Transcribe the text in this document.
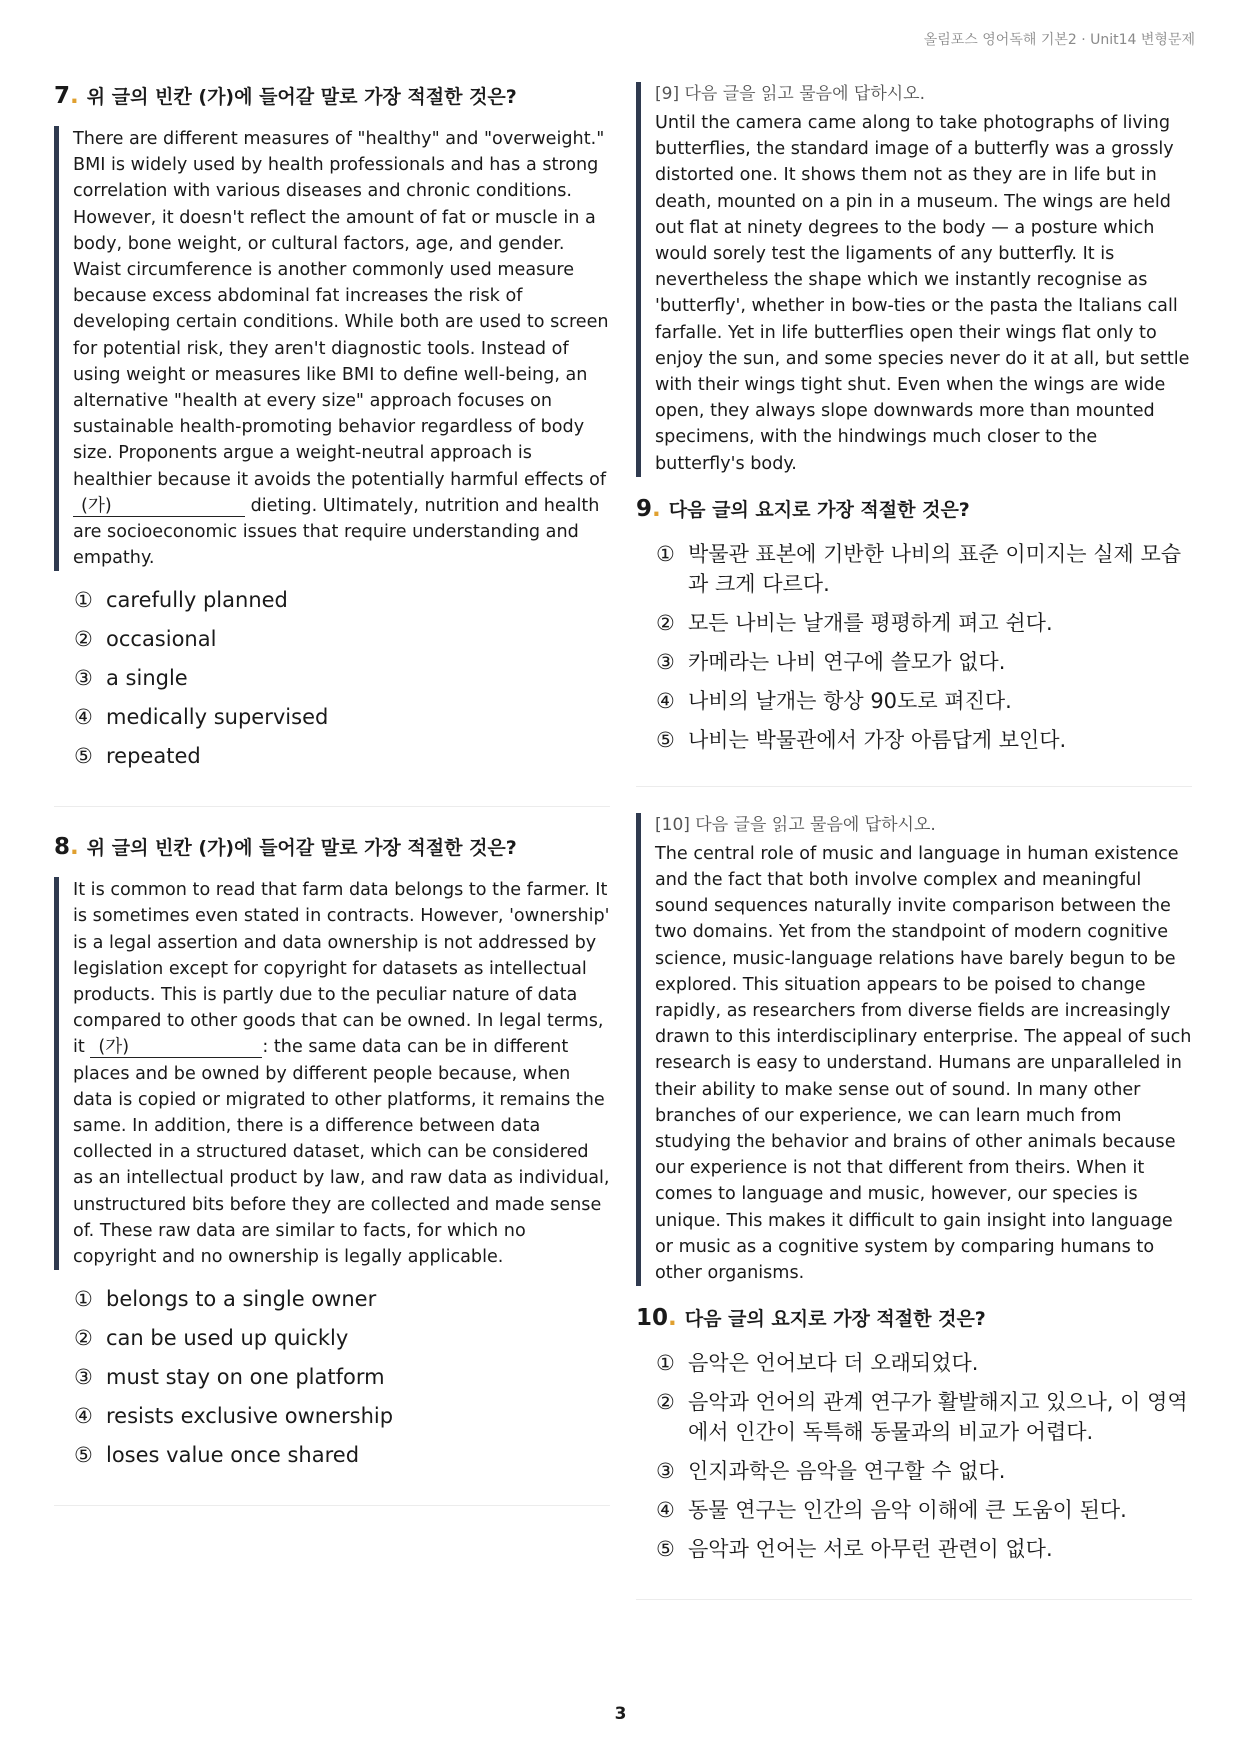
올림포스 영어독해 기본2 · Unit14 변형문제
7. 위 글의 빈칸 (가)에 들어갈 말로 가장 적절한 것은?
There are different measures of "healthy" and "overweight." BMI is widely used by health professionals and has a strong correlation with various diseases and chronic conditions. However, it doesn't reflect the amount of fat or muscle in a body, bone weight, or cultural factors, age, and gender. Waist circumference is another commonly used measure because excess abdominal fat increases the risk of developing certain conditions. While both are used to screen for potential risk, they aren't diagnostic tools. Instead of using weight or measures like BMI to define well-being, an alternative "health at every size" approach focuses on sustainable health-promoting behavior regardless of body size. Proponents argue a weight-neutral approach is healthier because it avoids the potentially harmful effects of (가)	dieting. Ultimately, nutrition and health are socioeconomic issues that require understanding and empathy.
① carefully planned
② occasional
③ a single
④ medically supervised
⑤ repeated
8. 위 글의 빈칸 (가)에 들어갈 말로 가장 적절한 것은?
It is common to read that farm data belongs to the farmer. It is sometimes even stated in contracts. However, 'ownership' is a legal assertion and data ownership is not addressed by legislation except for copyright for datasets as intellectual products. This is partly due to the peculiar nature of data compared to other goods that can be owned. In legal terms, it (가)	: the same data can be in different places and be owned by different people because, when data is copied or migrated to other platforms, it remains the same. In addition, there is a difference between data collected in a structured dataset, which can be considered as an intellectual product by law, and raw data as individual, unstructured bits before they are collected and made sense of. These raw data are similar to facts, for which no copyright and no ownership is legally applicable.
① belongs to a single owner
② can be used up quickly
③ must stay on one platform
④ resists exclusive ownership
⑤ loses value once shared
[9] 다음 글을 읽고 물음에 답하시오.
Until the camera came along to take photographs of living butterflies, the standard image of a butterfly was a grossly distorted one. It shows them not as they are in life but in death, mounted on a pin in a museum. The wings are held out flat at ninety degrees to the body — a posture which would sorely test the ligaments of any butterfly. It is nevertheless the shape which we instantly recognise as 'butterfly', whether in bow-ties or the pasta the Italians call farfalle. Yet in life butterflies open their wings flat only to enjoy the sun, and some species never do it at all, but settle with their wings tight shut. Even when the wings are wide open, they always slope downwards more than mounted specimens, with the hindwings much closer to the butterfly's body.
9. 다음 글의 요지로 가장 적절한 것은?
① 박물관 표본에 기반한 나비의 표준 이미지는 실제 모습과 크게 다르다.
② 모든 나비는 날개를 평평하게 펴고 쉰다.
③ 카메라는 나비 연구에 쓸모가 없다.
④ 나비의 날개는 항상 90도로 펴진다.
⑤ 나비는 박물관에서 가장 아름답게 보인다.
[10] 다음 글을 읽고 물음에 답하시오.
The central role of music and language in human existence and the fact that both involve complex and meaningful sound sequences naturally invite comparison between the two domains. Yet from the standpoint of modern cognitive science, music-language relations have barely begun to be explored. This situation appears to be poised to change rapidly, as researchers from diverse fields are increasingly drawn to this interdisciplinary enterprise. The appeal of such research is easy to understand. Humans are unparalleled in their ability to make sense out of sound. In many other branches of our experience, we can learn much from studying the behavior and brains of other animals because our experience is not that different from theirs. When it comes to language and music, however, our species is unique. This makes it difficult to gain insight into language or music as a cognitive system by comparing humans to other organisms.
10. 다음 글의 요지로 가장 적절한 것은?
① 음악은 언어보다 더 오래되었다.
② 음악과 언어의 관계 연구가 활발해지고 있으나, 이 영역에서 인간이 독특해 동물과의 비교가 어렵다.
③ 인지과학은 음악을 연구할 수 없다.
④ 동물 연구는 인간의 음악 이해에 큰 도움이 된다.
⑤ 음악과 언어는 서로 아무런 관련이 없다.
3
